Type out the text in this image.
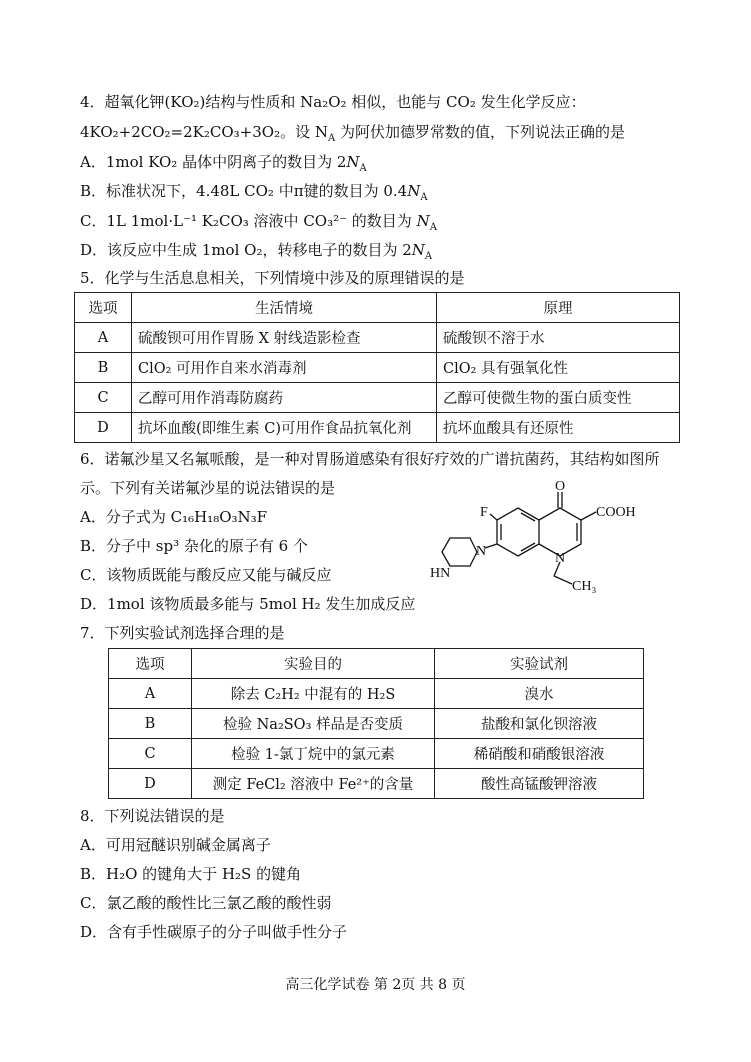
4．超氧化钾(KO₂)结构与性质和 Na₂O₂ 相似，也能与 CO₂ 发生化学反应：
4KO₂+2CO₂=2K₂CO₃+3O₂。设 $N_A$ 为阿伏加德罗常数的值，下列说法正确的是
A．1mol KO₂ 晶体中阴离子的数目为 $2N_A$
B．标准状况下，4.48L CO₂ 中π键的数目为 $0.4N_A$
C．1L 1mol·L⁻¹ K₂CO₃ 溶液中 CO₃²⁻ 的数目为 $N_A$
D．该反应中生成 1mol O₂，转移电子的数目为 $2N_A$
5．化学与生活息息相关，下列情境中涉及的原理错误的是
选项	生活情境	原理
A	硫酸钡可用作胃肠 X 射线造影检查	硫酸钡不溶于水
B	ClO₂ 可用作自来水消毒剂	ClO₂ 具有强氧化性
C	乙醇可用作消毒防腐药	乙醇可使微生物的蛋白质变性
D	抗坏血酸(即维生素 C)可用作食品抗氧化剂	抗坏血酸具有还原性
6．诺氟沙星又名氟哌酸，是一种对胃肠道感染有很好疗效的广谱抗菌药，其结构如图所
示。下列有关诺氟沙星的说法错误的是
A．分子式为 C₁₆H₁₈O₃N₃F
B．分子中 sp³ 杂化的原子有 6 个
C．该物质既能与酸反应又能与碱反应
D．1mol 该物质最多能与 5mol H₂ 发生加成反应
O
F	COOH
N	N
HN
CH₃
7．下列实验试剂选择合理的是
选项	实验目的	实验试剂
A	除去 C₂H₂ 中混有的 H₂S	溴水
B	检验 Na₂SO₃ 样品是否变质	盐酸和氯化钡溶液
C	检验 1-氯丁烷中的氯元素	稀硝酸和硝酸银溶液
D	测定 FeCl₂ 溶液中 Fe²⁺的含量	酸性高锰酸钾溶液
8．下列说法错误的是
A．可用冠醚识别碱金属离子
B．H₂O 的键角大于 H₂S 的键角
C．氯乙酸的酸性比三氯乙酸的酸性弱
D．含有手性碳原子的分子叫做手性分子
高三化学试卷 第 2页 共 8 页
